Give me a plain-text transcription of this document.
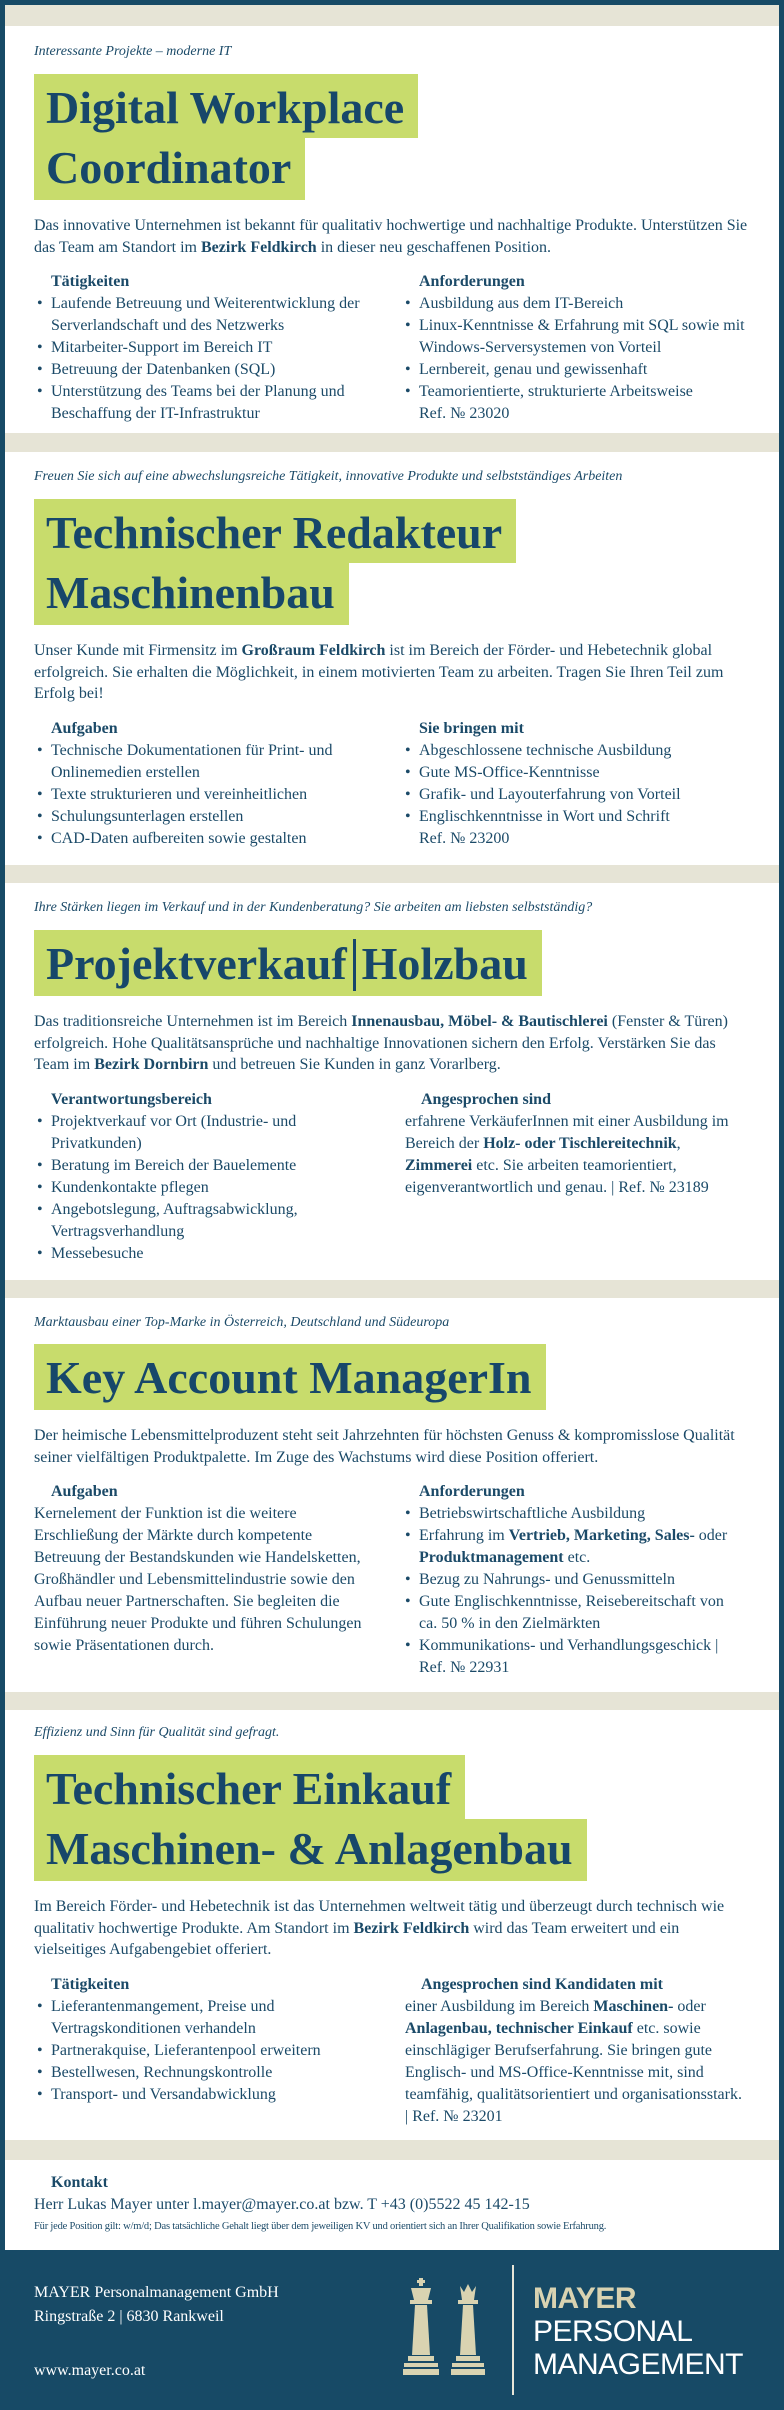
Interessante Projekte – moderne IT
Digital Workplace
Coordinator
Das innovative Unternehmen ist bekannt für qualitativ hochwertige und nachhaltige Produkte. Unterstützen Sie das Team am Standort im Bezirk Feldkirch in dieser neu geschaffenen Position.
Tätigkeiten
• Laufende Betreuung und Weiterentwicklung der Serverlandschaft und des Netzwerks
• Mitarbeiter-Support im Bereich IT
• Betreuung der Datenbanken (SQL)
• Unterstützung des Teams bei der Planung und Beschaffung der IT-Infrastruktur
Anforderungen
• Ausbildung aus dem IT-Bereich
• Linux-Kenntnisse & Erfahrung mit SQL sowie mit Windows-Serversystemen von Vorteil
• Lernbereit, genau und gewissenhaft
• Teamorientierte, strukturierte Arbeitsweise
Ref. № 23020
Freuen Sie sich auf eine abwechslungsreiche Tätigkeit, innovative Produkte und selbstständiges Arbeiten
Technischer Redakteur
Maschinenbau
Unser Kunde mit Firmensitz im Großraum Feldkirch ist im Bereich der Förder- und Hebetechnik global erfolgreich. Sie erhalten die Möglichkeit, in einem motivierten Team zu arbeiten. Tragen Sie Ihren Teil zum Erfolg bei!
Aufgaben
• Technische Dokumentationen für Print- und Onlinemedien erstellen
• Texte strukturieren und vereinheitlichen
• Schulungsunterlagen erstellen
• CAD-Daten aufbereiten sowie gestalten
Sie bringen mit
• Abgeschlossene technische Ausbildung
• Gute MS-Office-Kenntnisse
• Grafik- und Layouterfahrung von Vorteil
• Englischkenntnisse in Wort und Schrift
Ref. № 23200
Ihre Stärken liegen im Verkauf und in der Kundenberatung? Sie arbeiten am liebsten selbstständig?
Projektverkauf Holzbau
Das traditionsreiche Unternehmen ist im Bereich Innenausbau, Möbel- & Bautischlerei (Fenster & Türen) erfolgreich. Hohe Qualitätsansprüche und nachhaltige Innovationen sichern den Erfolg. Verstärken Sie das Team im Bezirk Dornbirn und betreuen Sie Kunden in ganz Vorarlberg.
Verantwortungsbereich
• Projektverkauf vor Ort (Industrie- und Privatkunden)
• Beratung im Bereich der Bauelemente
• Kundenkontakte pflegen
• Angebotslegung, Auftragsabwicklung, Vertragsverhandlung
• Messebesuche
Angesprochen sind

erfahrene VerkäuferInnen mit einer Ausbildung im Bereich der Holz- oder Tischlereitechnik, Zimmerei etc. Sie arbeiten teamorientiert, eigenverantwortlich und genau. | Ref. № 23189

Marktausbau einer Top-Marke in Österreich, Deutschland und Südeuropa
Key Account ManagerIn
Der heimische Lebensmittelproduzent steht seit Jahrzehnten für höchsten Genuss & kompromisslose Qualität seiner vielfältigen Produktpalette. Im Zuge des Wachstums wird diese Position offeriert.
Aufgaben

Kernelement der Funktion ist die weitere Erschließung der Märkte durch kompetente Betreuung der Bestandskunden wie Handelsketten, Großhändler und Lebensmittelindustrie sowie den Aufbau neuer Partnerschaften. Sie begleiten die Einführung neuer Produkte und führen Schulungen sowie Präsentationen durch.

Anforderungen
• Betriebswirtschaftliche Ausbildung
• Erfahrung im Vertrieb, Marketing, Sales- oder Produktmanagement etc.
• Bezug zu Nahrungs- und Genussmitteln
• Gute Englischkenntnisse, Reisebereitschaft von ca. 50 % in den Zielmärkten
• Kommunikations- und Verhandlungsgeschick | Ref. № 22931
Effizienz und Sinn für Qualität sind gefragt.
Technischer Einkauf
Maschinen- & Anlagenbau
Im Bereich Förder- und Hebetechnik ist das Unternehmen weltweit tätig und überzeugt durch technisch wie qualitativ hochwertige Produkte. Am Standort im Bezirk Feldkirch wird das Team erweitert und ein vielseitiges Aufgabengebiet offeriert.
Tätigkeiten
• Lieferantenmangement, Preise und Vertragskonditionen verhandeln
• Partnerakquise, Lieferantenpool erweitern
• Bestellwesen, Rechnungskontrolle
• Transport- und Versandabwicklung
Angesprochen sind Kandidaten mit

einer Ausbildung im Bereich Maschinen- oder Anlagenbau, technischer Einkauf etc. sowie einschlägiger Berufserfahrung. Sie bringen gute Englisch- und MS-Office-Kenntnisse mit, sind teamfähig, qualitätsorientiert und organisationsstark. | Ref. № 23201

Kontakt
Herr Lukas Mayer unter l.mayer@mayer.co.at bzw. T +43 (0)5522 45 142-15
Für jede Position gilt: w/m/d; Das tatsächliche Gehalt liegt über dem jeweiligen KV und orientiert sich an Ihrer Qualifikation sowie Erfahrung.
MAYER Personalmanagement GmbH
Ringstraße 2 | 6830 Rankweil
www.mayer.co.at
MAYER
PERSONAL
MANAGEMENT
